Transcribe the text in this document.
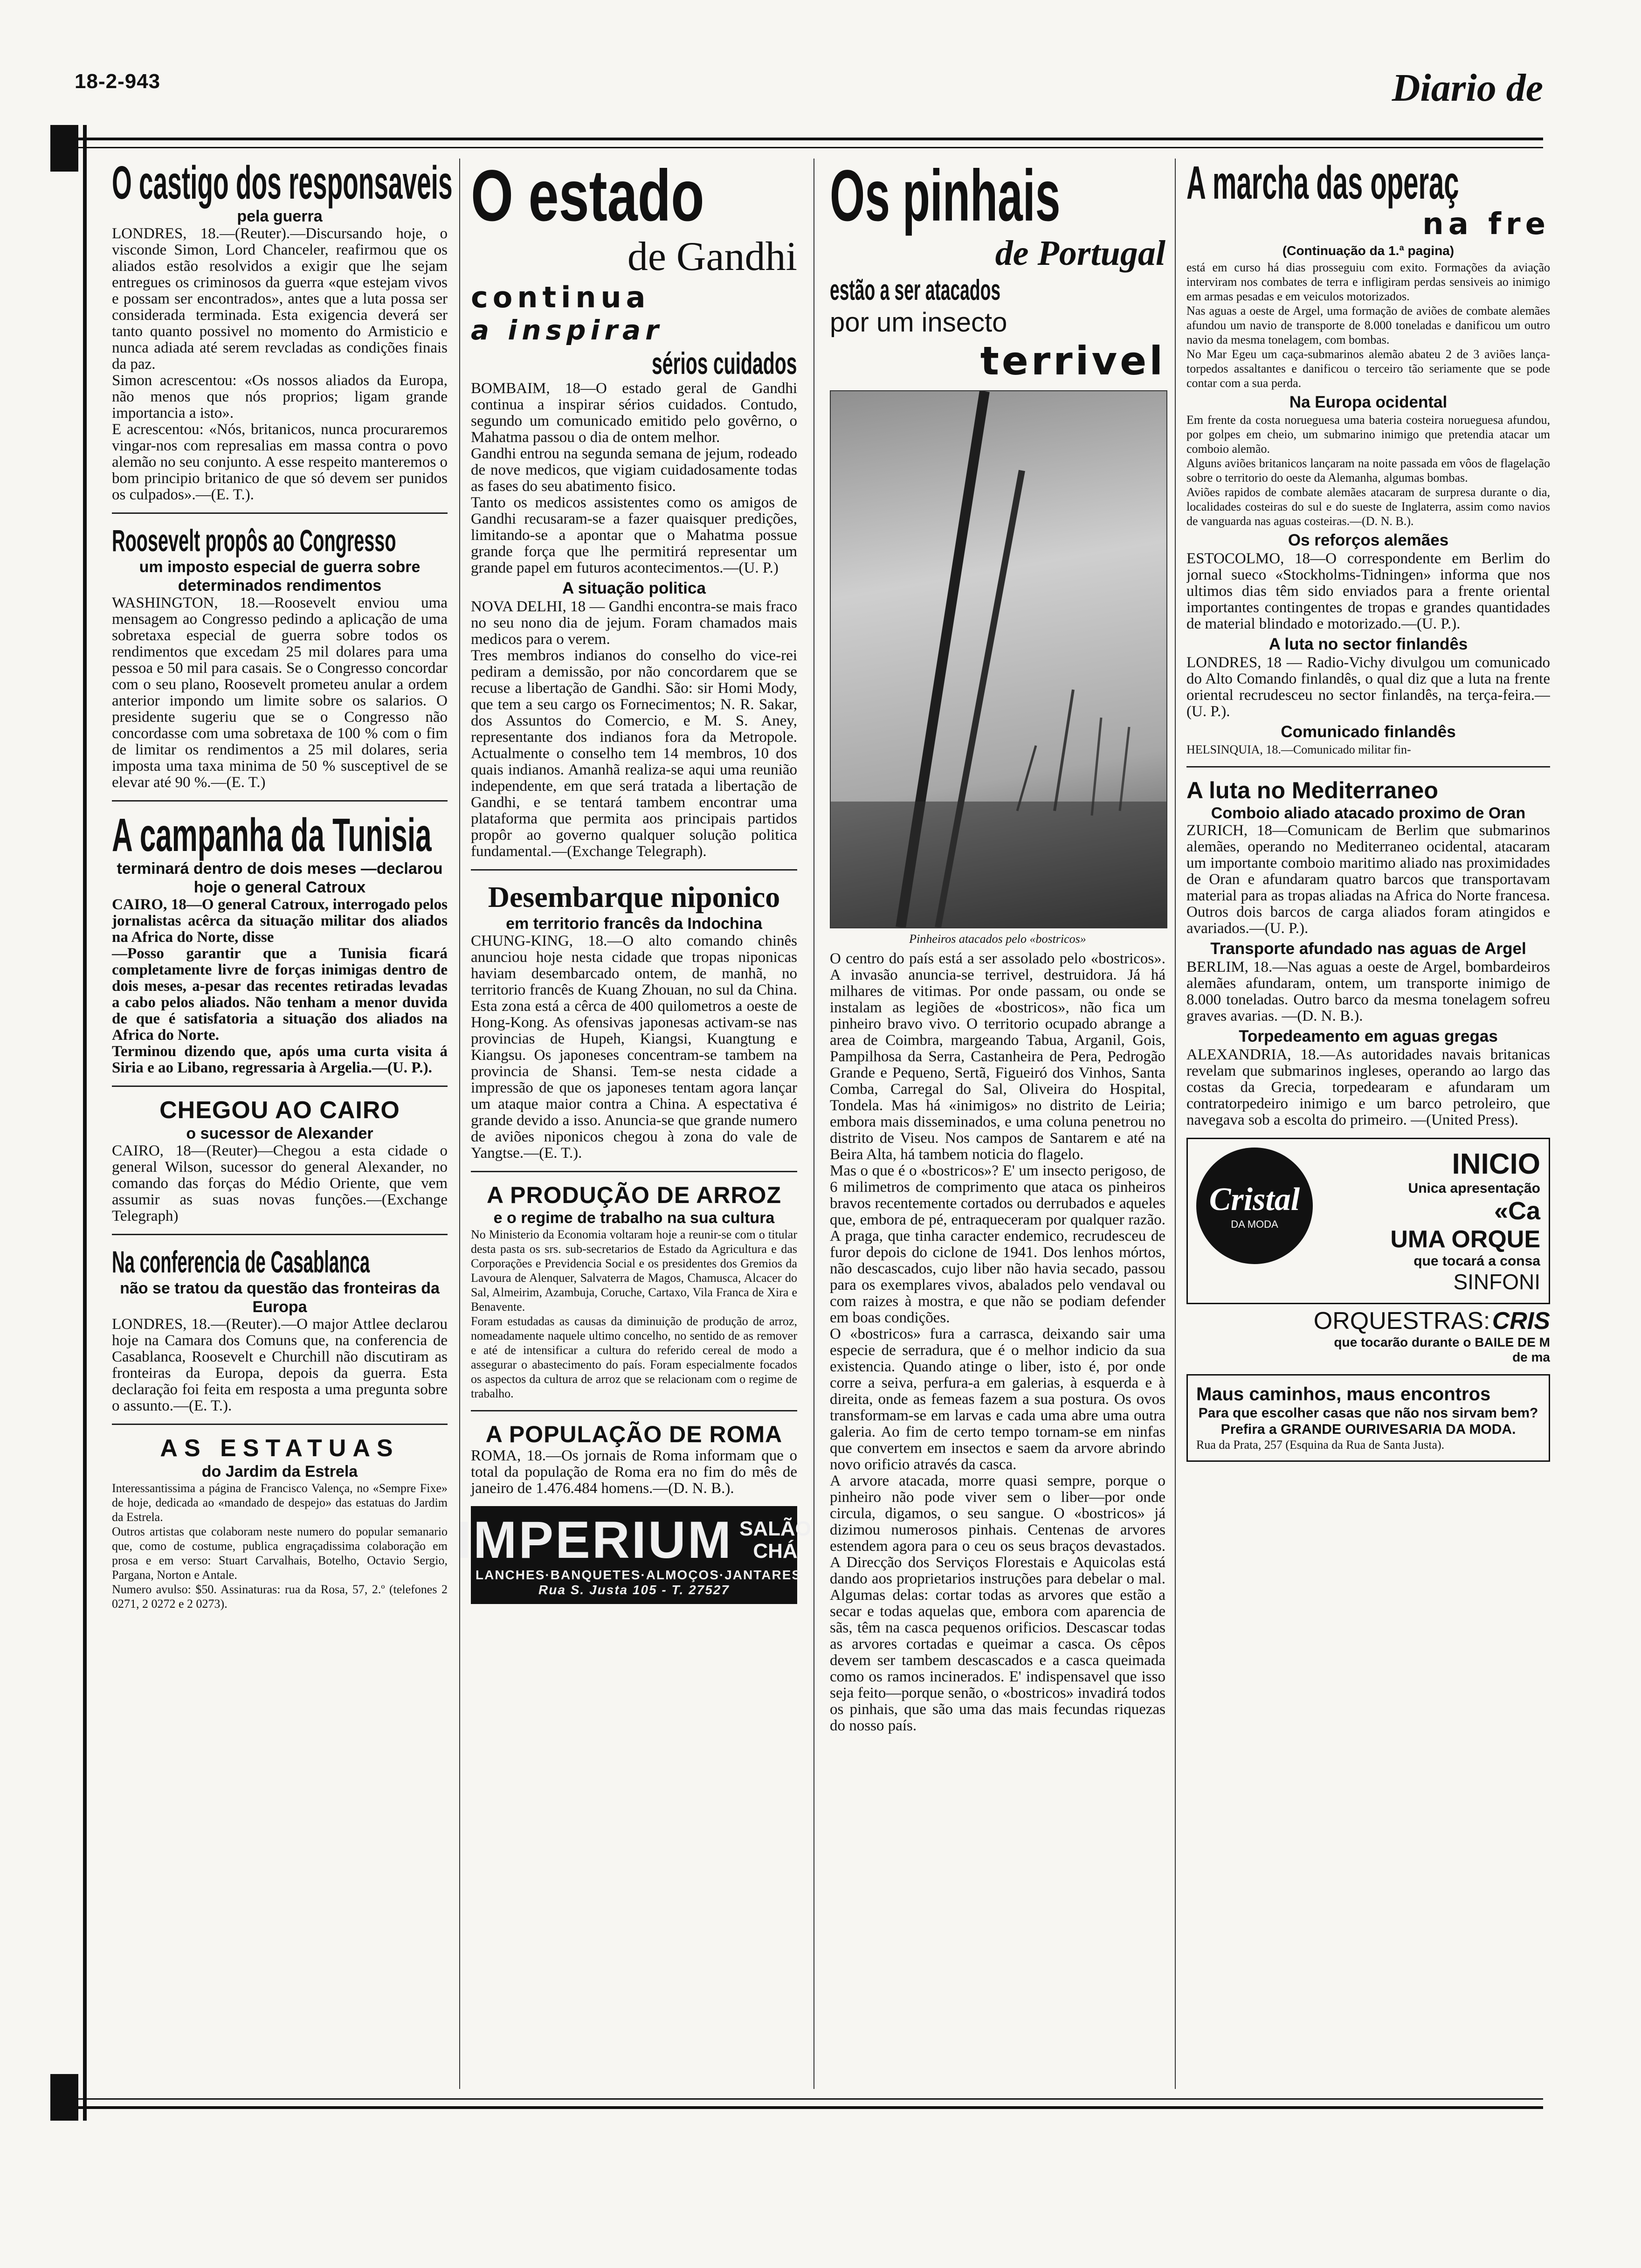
18-2-943	Diario de
O castigo dos responsaveis
pela guerra

LONDRES, 18.—(Reuter).—Discursando hoje, o visconde Simon, Lord Chanceler, reafirmou que os aliados estão resolvidos a exigir que lhe sejam entregues os criminosos da guerra «que estejam vivos e possam ser encontrados», antes que a luta possa ser considerada terminada. Esta exigencia deverá ser tanto quanto possivel no momento do Armisticio e nunca adiada até serem revcladas as condições finais da paz.

Simon acrescentou: «Os nossos aliados da Europa, não menos que nós proprios; ligam grande importancia a isto».

E acrescentou: «Nós, britanicos, nunca procuraremos vingar-nos com represalias em massa contra o povo alemão no seu conjunto. A esse respeito manteremos o bom principio britanico de que só devem ser punidos os culpados».—(E. T.).

Roosevelt propôs ao Congresso
um imposto especial de guerra sobre determinados rendimentos

WASHINGTON, 18.—Roosevelt enviou uma mensagem ao Congresso pedindo a aplicação de uma sobretaxa especial de guerra sobre todos os rendimentos que excedam 25 mil dolares para uma pessoa e 50 mil para casais. Se o Congresso concordar com o seu plano, Roosevelt prometeu anular a ordem anterior impondo um limite sobre os salarios. O presidente sugeriu que se o Congresso não concordasse com uma sobretaxa de 100 % com o fim de limitar os rendimentos a 25 mil dolares, seria imposta uma taxa minima de 50 % susceptivel de se elevar até 90 %.—(E. T.)

A campanha da Tunisia
terminará dentro de dois meses —declarou hoje o general Catroux

CAIRO, 18—O general Catroux, interrogado pelos jornalistas acêrca da situação militar dos aliados na Africa do Norte, disse

—Posso garantir que a Tunisia ficará completamente livre de forças inimigas dentro de dois meses, a-pesar das recentes retiradas levadas a cabo pelos aliados. Não tenham a menor duvida de que é satisfatoria a situação dos aliados na Africa do Norte.

Terminou dizendo que, após uma curta visita á Siria e ao Libano, regressaria à Argelia.—(U. P.).

CHEGOU AO CAIRO
o sucessor de Alexander

CAIRO, 18—(Reuter)—Chegou a esta cidade o general Wilson, sucessor do general Alexander, no comando das forças do Médio Oriente, que vem assumir as suas novas funções.—(Exchange Telegraph)

Na conferencia de Casablanca
não se tratou da questão das fronteiras da Europa

LONDRES, 18.—(Reuter).—O major Attlee declarou hoje na Camara dos Comuns que, na conferencia de Casablanca, Roosevelt e Churchill não discutiram as fronteiras da Europa, depois da guerra. Esta declaração foi feita em resposta a uma pregunta sobre o assunto.—(E. T.).

AS ESTATUAS
do Jardim da Estrela

Interessantissima a página de Francisco Valença, no «Sempre Fixe» de hoje, dedicada ao «mandado de despejo» das estatuas do Jardim da Estrela.

Outros artistas que colaboram neste numero do popular semanario que, como de costume, publica engraçadissima colaboração em prosa e em verso: Stuart Carvalhais, Botelho, Octavio Sergio, Pargana, Norton e Antale.

Numero avulso: $50. Assinaturas: rua da Rosa, 57, 2.º (telefones 2 0271, 2 0272 e 2 0273).

O estado
de Gandhi
continua
a inspirar
sérios cuidados

BOMBAIM, 18—O estado geral de Gandhi continua a inspirar sérios cuidados. Contudo, segundo um comunicado emitido pelo govêrno, o Mahatma passou o dia de ontem melhor.

Gandhi entrou na segunda semana de jejum, rodeado de nove medicos, que vigiam cuidadosamente todas as fases do seu abatimento fisico.

Tanto os medicos assistentes como os amigos de Gandhi recusaram-se a fazer quaisquer predições, limitando-se a apontar que o Mahatma possue grande força que lhe permitirá representar um grande papel em futuros acontecimentos.—(U. P.)

A situação politica

NOVA DELHI, 18 — Gandhi encontra-se mais fraco no seu nono dia de jejum. Foram chamados mais medicos para o verem.

Tres membros indianos do conselho do vice-rei pediram a demissão, por não concordarem que se recuse a libertação de Gandhi. São: sir Homi Mody, que tem a seu cargo os Fornecimentos; N. R. Sakar, dos Assuntos do Comercio, e M. S. Aney, representante dos indianos fora da Metropole. Actualmente o conselho tem 14 membros, 10 dos quais indianos. Amanhã realiza-se aqui uma reunião independente, em que será tratada a libertação de Gandhi, e se tentará tambem encontrar uma plataforma que permita aos principais partidos propôr ao governo qualquer solução politica fundamental.—(Exchange Telegraph).

Desembarque niponico
em territorio francês da Indochina

CHUNG-KING, 18.—O alto comando chinês anunciou hoje nesta cidade que tropas niponicas haviam desembarcado ontem, de manhã, no territorio francês de Kuang Zhouan, no sul da China. Esta zona está a cêrca de 400 quilometros a oeste de Hong-Kong. As ofensivas japonesas activam-se nas provincias de Hupeh, Kiangsi, Kuangtung e Kiangsu. Os japoneses concentram-se tambem na provincia de Shansi. Tem-se nesta cidade a impressão de que os japoneses tentam agora lançar um ataque maior contra a China. A espectativa é grande devido a isso. Anuncia-se que grande numero de aviões niponicos chegou à zona do vale de Yangtse.—(E. T.).

A PRODUÇÃO DE ARROZ
e o regime de trabalho na sua cultura

No Ministerio da Economia voltaram hoje a reunir-se com o titular desta pasta os srs. sub-secretarios de Estado da Agricultura e das Corporações e Previdencia Social e os presidentes dos Gremios da Lavoura de Alenquer, Salvaterra de Magos, Chamusca, Alcacer do Sal, Almeirim, Azambuja, Coruche, Cartaxo, Vila Franca de Xira e Benavente.

Foram estudadas as causas da diminuição de produção de arroz, nomeadamente naquele ultimo concelho, no sentido de as remover e até de intensificar a cultura do referido cereal de modo a assegurar o abastecimento do país. Foram especialmente focados os aspectos da cultura de arroz que se relacionam com o regime de trabalho.

A POPULAÇÃO DE ROMA

ROMA, 18.—Os jornais de Roma informam que o total da população de Roma era no fim do mês de janeiro de 1.476.484 homens.—(D. N. B.).

IMPERIUM SALÃO
CHÁ
LANCHES·BANQUETES·ALMOÇOS·JANTARES
Rua S. Justa 105 - T. 27527
Os pinhais
de Portugal
estão a ser atacados
por um insecto
terrivel
Pinheiros atacados pelo «bostricos»

O centro do país está a ser assolado pelo «bostricos». A invasão anuncia-se terrivel, destruidora. Já há milhares de vitimas. Por onde passam, ou onde se instalam as legiões de «bostricos», não fica um pinheiro bravo vivo. O territorio ocupado abrange a area de Coimbra, margeando Tabua, Arganil, Gois, Pampilhosa da Serra, Castanheira de Pera, Pedrogão Grande e Pequeno, Sertã, Figueiró dos Vinhos, Santa Comba, Carregal do Sal, Oliveira do Hospital, Tondela. Mas há «inimigos» no distrito de Leiria; embora mais disseminados, e uma coluna penetrou no distrito de Viseu. Nos campos de Santarem e até na Beira Alta, há tambem noticia do flagelo.

Mas o que é o «bostricos»? E' um insecto perigoso, de 6 milimetros de comprimento que ataca os pinheiros bravos recentemente cortados ou derrubados e aqueles que, embora de pé, entraqueceram por qualquer razão. A praga, que tinha caracter endemico, recrudesceu de furor depois do ciclone de 1941. Dos lenhos mórtos, não descascados, cujo liber não havia secado, passou para os exemplares vivos, abalados pelo vendaval ou com raizes à mostra, e que não se podiam defender em boas condições.

O «bostricos» fura a carrasca, deixando sair uma especie de serradura, que é o melhor indicio da sua existencia. Quando atinge o liber, isto é, por onde corre a seiva, perfura-a em galerias, à esquerda e à direita, onde as femeas fazem a sua postura. Os ovos transformam-se em larvas e cada uma abre uma outra galeria. Ao fim de certo tempo tornam-se em ninfas que convertem em insectos e saem da arvore abrindo novo orificio através da casca.

A arvore atacada, morre quasi sempre, porque o pinheiro não pode viver sem o liber—por onde circula, digamos, o seu sangue. O «bostricos» já dizimou numerosos pinhais. Centenas de arvores estendem agora para o ceu os seus braços devastados. A Direcção dos Serviços Florestais e Aquicolas está dando aos proprietarios instruções para debelar o mal. Algumas delas: cortar todas as arvores que estão a secar e todas aquelas que, embora com aparencia de sãs, têm na casca pequenos orificios. Descascar todas as arvores cortadas e queimar a casca. Os cêpos devem ser tambem descascados e a casca queimada como os ramos incinerados. E' indispensavel que isso seja feito—porque senão, o «bostricos» invadirá todos os pinhais, que são uma das mais fecundas riquezas do nosso país.

A marcha das operaç
na fre
(Continuação da 1.ª pagina)

está em curso há dias prosseguiu com exito. Formações da aviação interviram nos combates de terra e infligiram perdas sensiveis ao inimigo em armas pesadas e em veiculos motorizados.

Nas aguas a oeste de Argel, uma formação de aviões de combate alemães afundou um navio de transporte de 8.000 toneladas e danificou um outro navio da mesma tonelagem, com bombas.

No Mar Egeu um caça-submarinos alemão abateu 2 de 3 aviões lança-torpedos assaltantes e danificou o terceiro tão seriamente que se pode contar com a sua perda.

Na Europa ocidental

Em frente da costa norueguesa uma bateria costeira norueguesa afundou, por golpes em cheio, um submarino inimigo que pretendia atacar um comboio alemão.

Alguns aviões britanicos lançaram na noite passada em vôos de flagelação sobre o territorio do oeste da Alemanha, algumas bombas.

Aviões rapidos de combate alemães atacaram de surpresa durante o dia, localidades costeiras do sul e do sueste de Inglaterra, assim como navios de vanguarda nas aguas costeiras.—(D. N. B.).

Os reforços alemães

ESTOCOLMO, 18—O correspondente em Berlim do jornal sueco «Stockholms-Tidningen» informa que nos ultimos dias têm sido enviados para a frente oriental importantes contingentes de tropas e grandes quantidades de material blindado e motorizado.—(U. P.).

A luta no sector finlandês

LONDRES, 18 — Radio-Vichy divulgou um comunicado do Alto Comando finlandês, o qual diz que a luta na frente oriental recrudesceu no sector finlandês, na terça-feira.—(U. P.).

Comunicado finlandês

HELSINQUIA, 18.—Comunicado militar fin-

A luta no Mediterraneo
Comboio aliado atacado proximo de Oran

ZURICH, 18—Comunicam de Berlim que submarinos alemães, operando no Mediterraneo ocidental, atacaram um importante comboio maritimo aliado nas proximidades de Oran e afundaram quatro barcos que transportavam material para as tropas aliadas na Africa do Norte francesa. Outros dois barcos de carga aliados foram atingidos e avariados.—(U. P.).

Transporte afundado nas aguas de Argel

BERLIM, 18.—Nas aguas a oeste de Argel, bombardeiros alemães afundaram, ontem, um transporte inimigo de 8.000 toneladas. Outro barco da mesma tonelagem sofreu graves avarias. —(D. N. B.).

Torpedeamento em aguas gregas

ALEXANDRIA, 18.—As autoridades navais britanicas revelam que submarinos ingleses, operando ao largo das costas da Grecia, torpedearam e afundaram um contratorpedeiro inimigo e um barco petroleiro, que navegava sob a escolta do primeiro. —(United Press).

Cristal
DA MODA
INICIO
Unica apresentação
«Ca
UMA ORQUE
que tocará a consa
SINFONI
ORQUESTRAS: CRIS
que tocarão durante o BAILE DE M
de ma
Maus caminhos, maus encontros

Para que escolher casas que não nos sirvam bem? Prefira a GRANDE OURIVESARIA DA MODA.

Rua da Prata, 257 (Esquina da Rua de Santa Justa).
